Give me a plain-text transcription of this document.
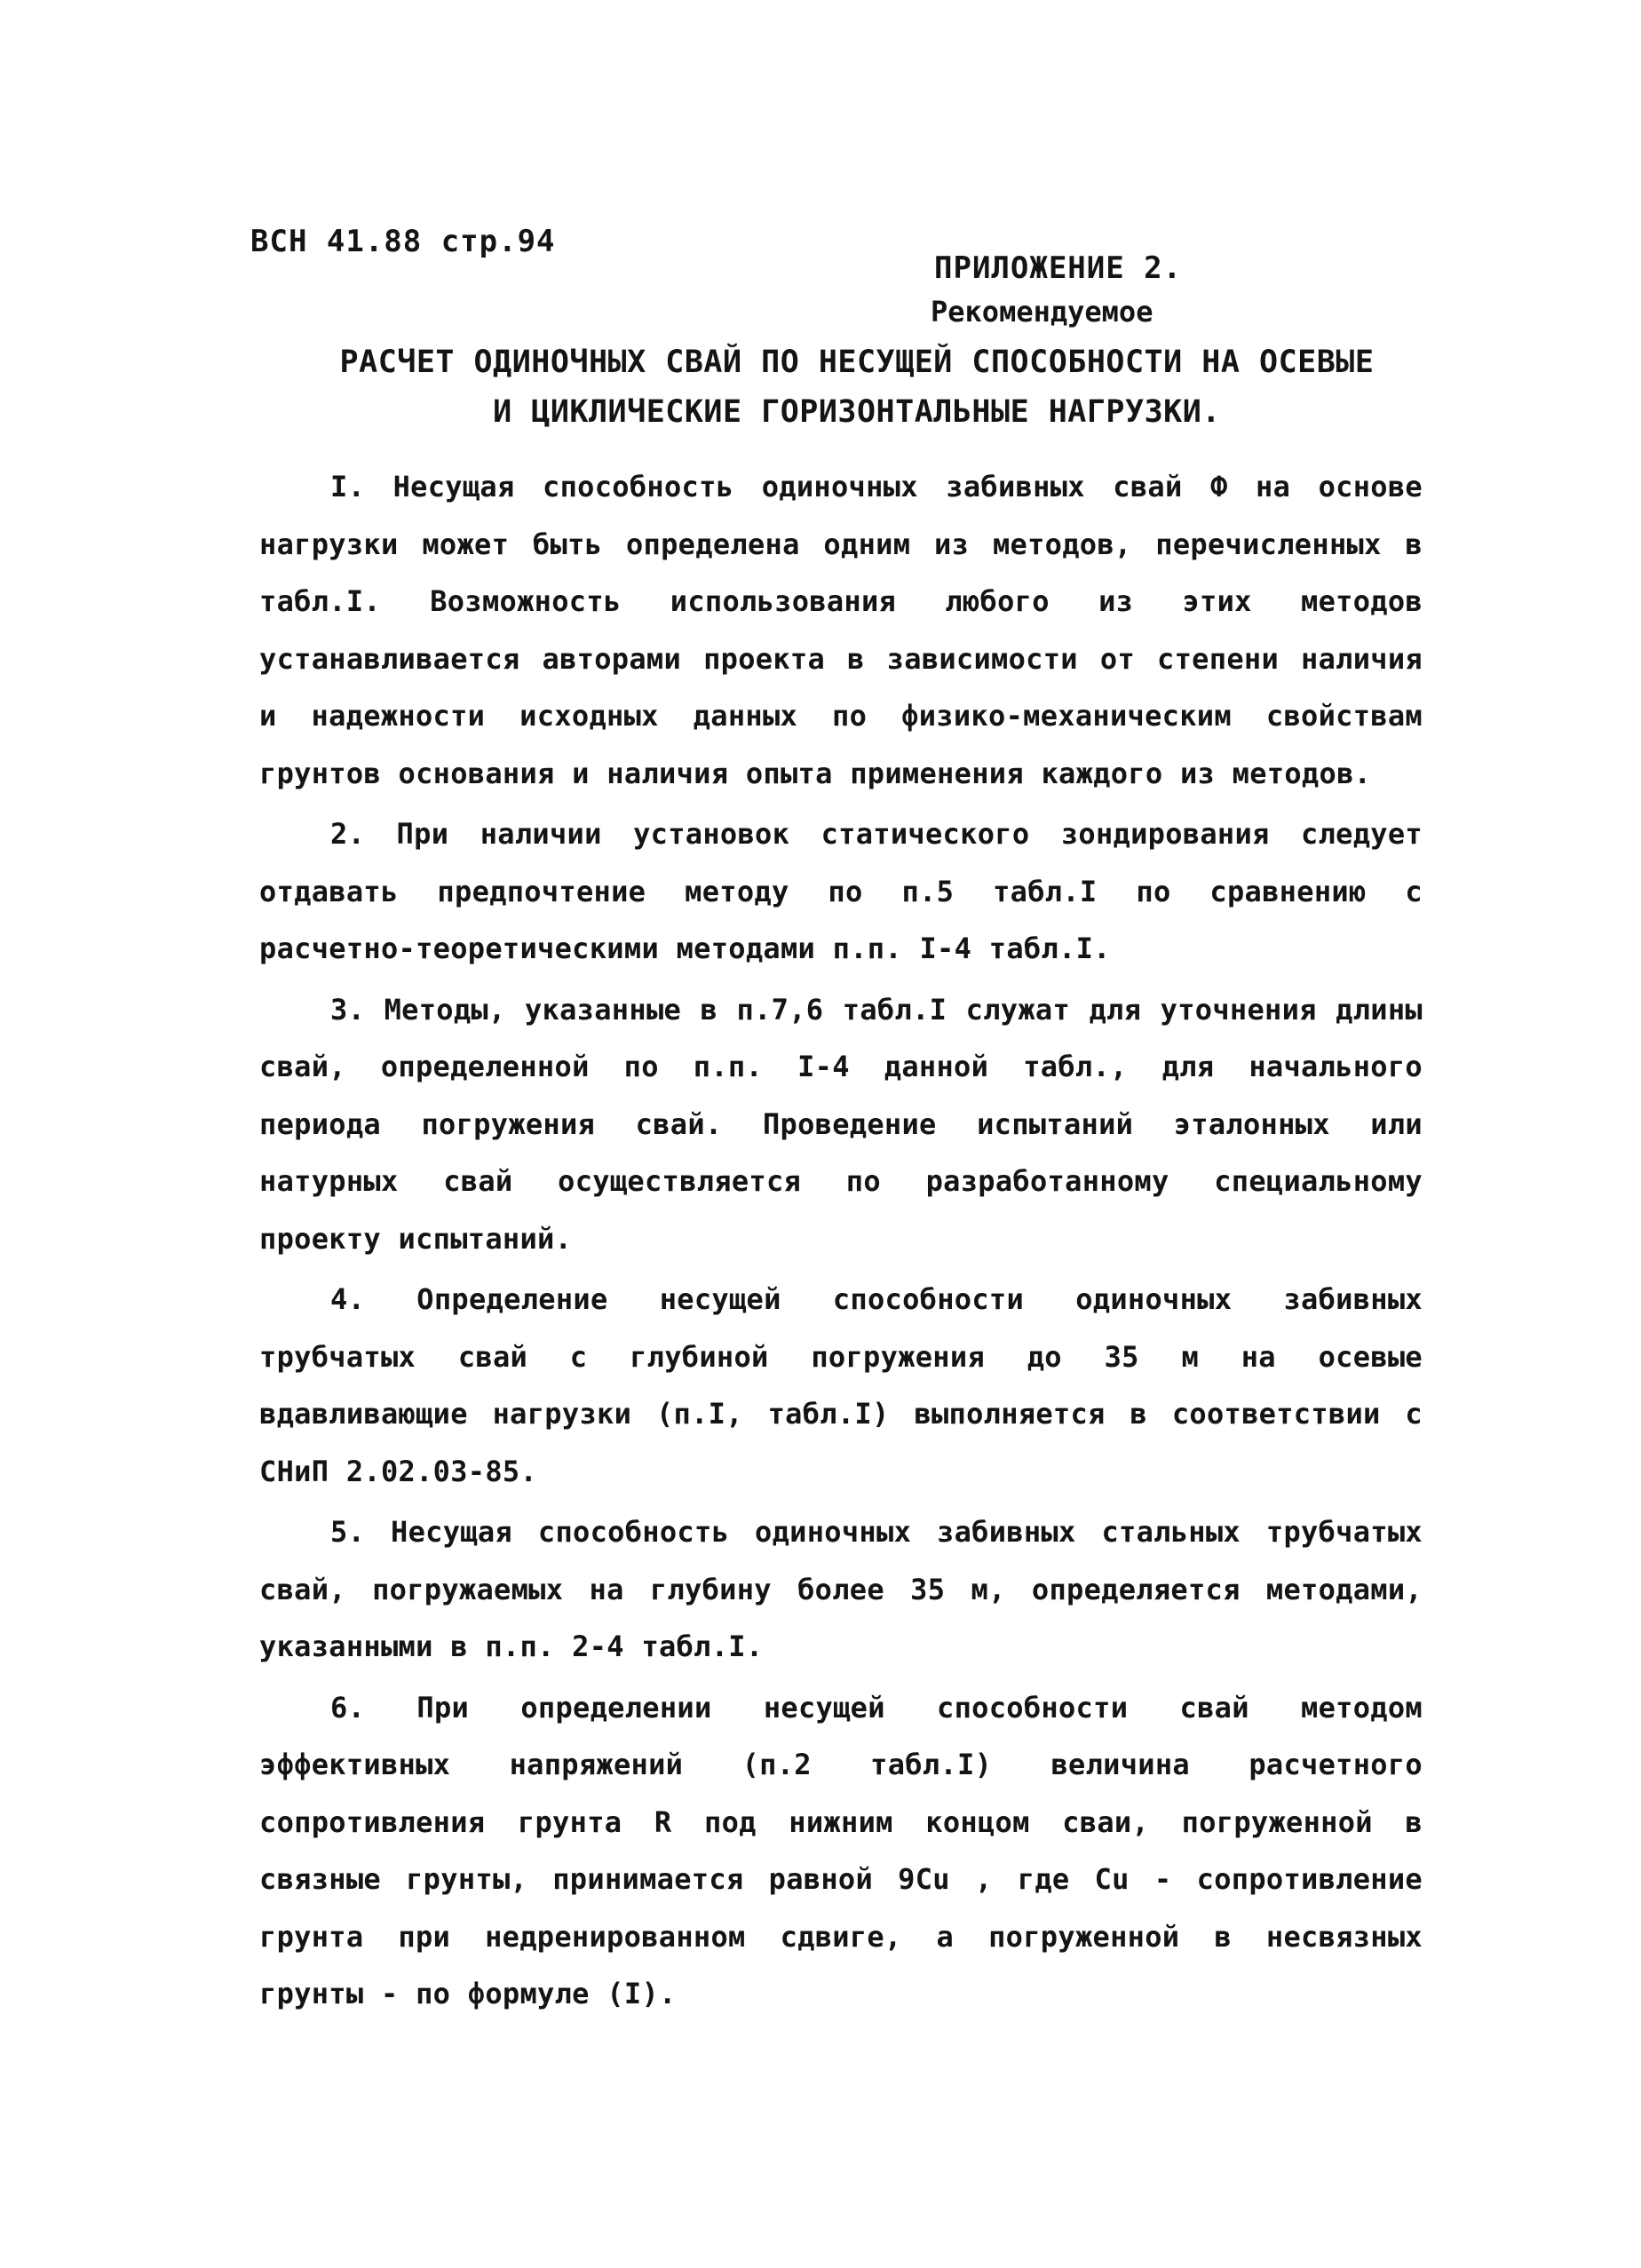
ВСН 41.88 стр.94
ПРИЛОЖЕНИЕ 2.
Рекомендуемое
РАСЧЕТ ОДИНОЧНЫХ СВАЙ ПО НЕСУЩЕЙ СПОСОБНОСТИ НА ОСЕВЫЕ
И ЦИКЛИЧЕСКИЕ ГОРИЗОНТАЛЬНЫЕ НАГРУЗКИ.

I. Несущая способность одиночных забивных свай Ф на основе нагрузки может быть определена одним из методов, перечисленных в табл.I. Возможность использования любого из этих методов устанавливается авторами проекта в зависимости от степени наличия и надежности исходных данных по физико-механическим свойствам грунтов основания и наличия опыта применения каждого из методов.

2. При наличии установок статического зондирования следует отдавать предпочтение методу по п.5 табл.I по сравнению с расчетно-теоретическими методами п.п. I-4 табл.I.

3. Методы, указанные в п.7,6 табл.I служат для уточнения длины свай, определенной по п.п. I-4 данной табл., для начального периода погружения свай. Проведение испытаний эталонных или натурных свай осуществляется по разработанному специальному проекту испытаний.

4. Определение несущей способности одиночных забивных трубчатых свай с глубиной погружения до 35 м на осевые вдавливающие нагрузки (п.I, табл.I) выполняется в соответствии с СНиП 2.02.03-85.

5. Несущая способность одиночных забивных стальных трубчатых свай, погружаемых на глубину более 35 м, определяется методами, указанными в п.п. 2-4 табл.I.

6. При определении несущей способности свай методом эффективных напряжений (п.2 табл.I) величина расчетного сопротивления грунта R под нижним концом сваи, погруженной в связные грунты, принимается равной 9Cu , где Cu - сопротивление грунта при недренированном сдвиге, а погруженной в несвязных грунты - по формуле (I).
